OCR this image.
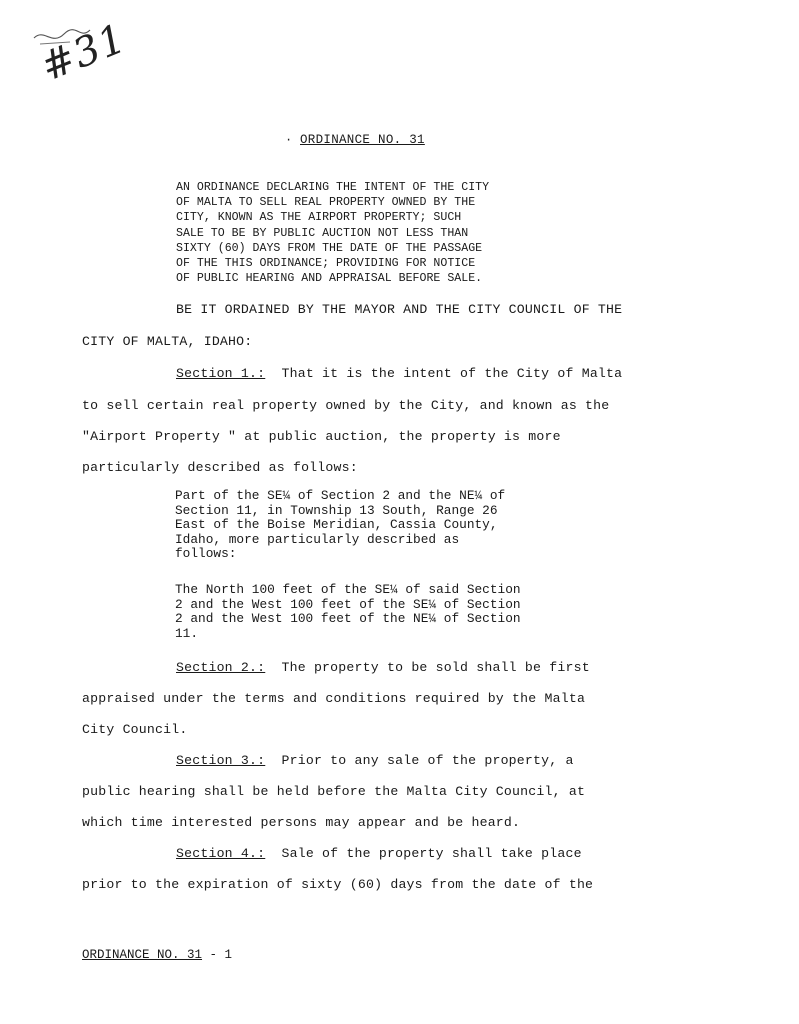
#31
· ORDINANCE NO. 31
AN ORDINANCE DECLARING THE INTENT OF THE CITY
OF MALTA TO SELL REAL PROPERTY OWNED BY THE
CITY, KNOWN AS THE AIRPORT PROPERTY; SUCH
SALE TO BE BY PUBLIC AUCTION NOT LESS THAN
SIXTY (60) DAYS FROM THE DATE OF THE PASSAGE
OF THE THIS ORDINANCE; PROVIDING FOR NOTICE
OF PUBLIC HEARING AND APPRAISAL BEFORE SALE.
BE IT ORDAINED BY THE MAYOR AND THE CITY COUNCIL OF THE
CITY OF MALTA, IDAHO:
Section 1.:  That it is the intent of the City of Malta
to sell certain real property owned by the City, and known as the
"Airport Property " at public auction, the property is more
particularly described as follows:
Part of the SE¼ of Section 2 and the NE¼ of
Section 11, in Township 13 South, Range 26
East of the Boise Meridian, Cassia County,
Idaho, more particularly described as
follows:
The North 100 feet of the SE¼ of said Section
2 and the West 100 feet of the SE¼ of Section
2 and the West 100 feet of the NE¼ of Section
11.
Section 2.:  The property to be sold shall be first
appraised under the terms and conditions required by the Malta
City Council.
Section 3.:  Prior to any sale of the property, a
public hearing shall be held before the Malta City Council, at
which time interested persons may appear and be heard.
Section 4.:  Sale of the property shall take place
prior to the expiration of sixty (60) days from the date of the
ORDINANCE NO. 31 - 1
